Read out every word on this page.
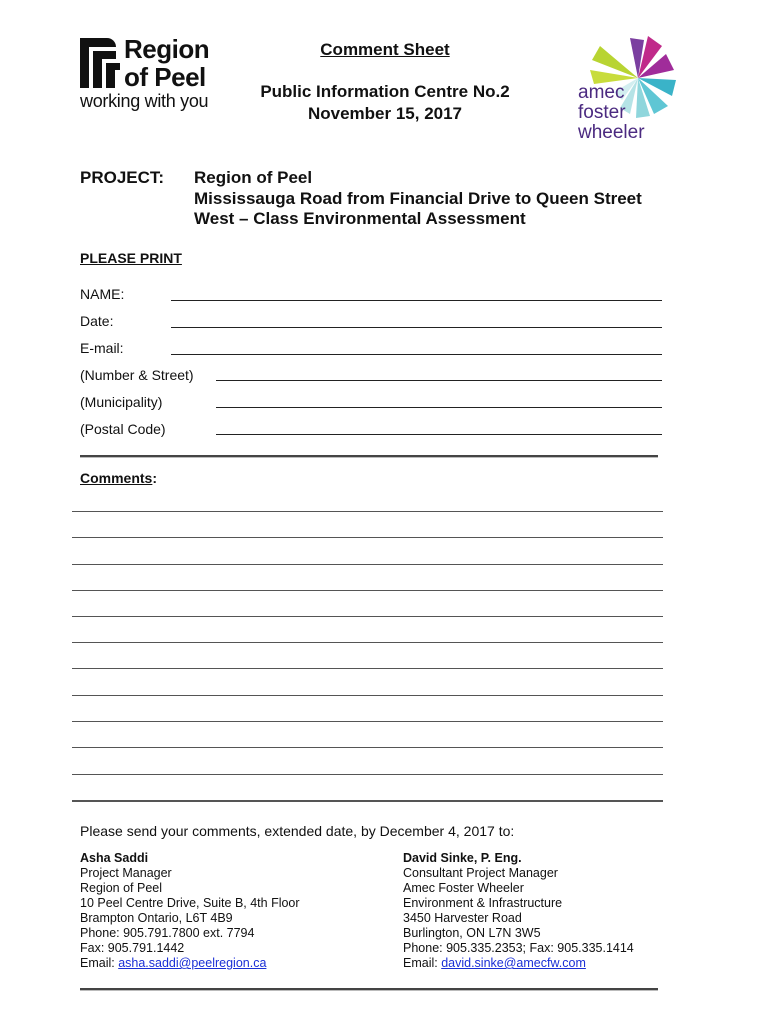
Region
of Peel
working with you
Comment Sheet
Public Information Centre No.2
November 15, 2017
amec
foster
wheeler
PROJECT: Region of Peel
Mississauga Road from Financial Drive to Queen Street
West – Class Environmental Assessment
PLEASE PRINT
NAME:
Date:
E-mail:
(Number & Street)
(Municipality)
(Postal Code)
Comments:
Please send your comments, extended date, by December 4, 2017 to:
Asha Saddi
Project Manager
Region of Peel
10 Peel Centre Drive, Suite B, 4th Floor
Brampton Ontario, L6T 4B9
Phone: 905.791.7800 ext. 7794
Fax: 905.791.1442
Email: asha.saddi@peelregion.ca
David Sinke, P. Eng.
Consultant Project Manager
Amec Foster Wheeler
Environment & Infrastructure
3450 Harvester Road
Burlington, ON L7N 3W5
Phone: 905.335.2353; Fax: 905.335.1414
Email: david.sinke@amecfw.com
